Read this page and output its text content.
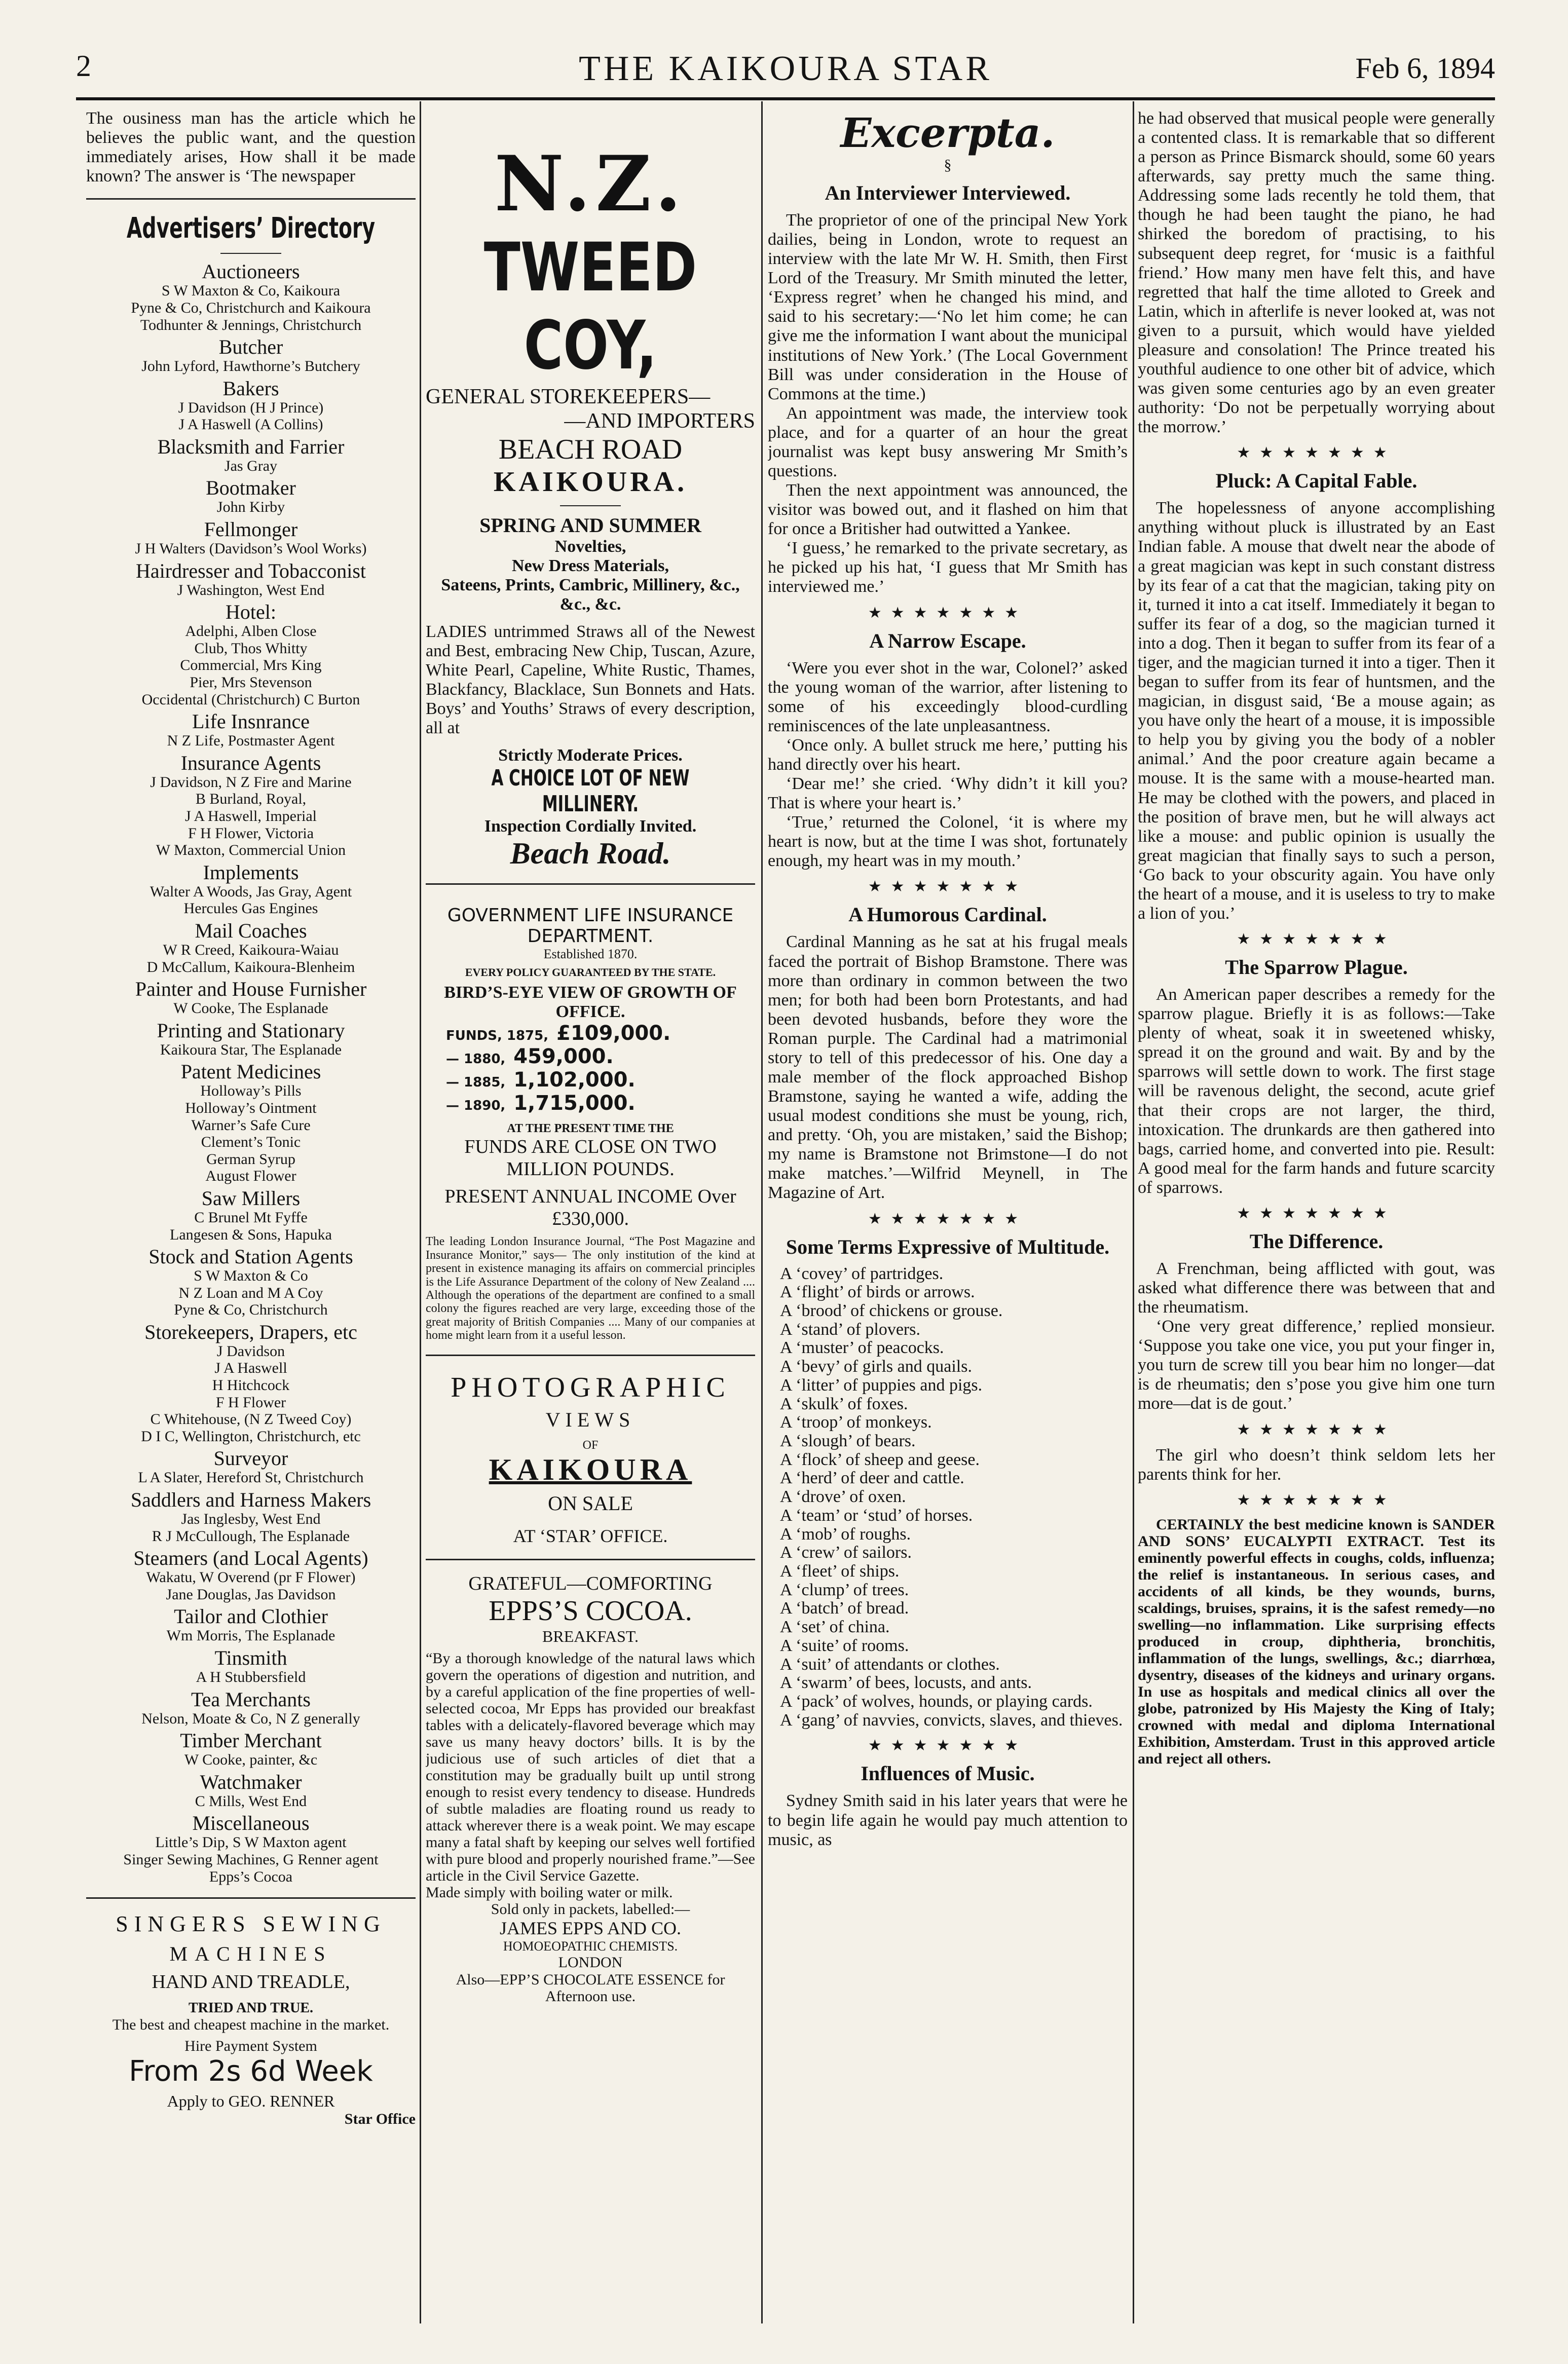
2	THE KAIKOURA STAR	Feb 6, 1894

The ousiness man has the article which he believes the public want, and the question immediately arises, How shall it be made known? The answer is ‘The newspaper

Advertisers’ Directory
Auctioneers
S W Maxton & Co, Kaikoura
Pyne & Co, Christchurch and Kaikoura
Todhunter & Jennings, Christchurch
Butcher
John Lyford, Hawthorne’s Butchery
Bakers
J Davidson (H J Prince)
J A Haswell (A Collins)
Blacksmith and Farrier
Jas Gray
Bootmaker
John Kirby
Fellmonger
J H Walters (Davidson’s Wool Works)
Hairdresser and Tobacconist
J Washington, West End
Hotel:
Adelphi, Alben Close
Club, Thos Whitty
Commercial, Mrs King
Pier, Mrs Stevenson
Occidental (Christchurch) C Burton
Life Insnrance
N Z Life, Postmaster Agent
Insurance Agents
J Davidson, N Z Fire and Marine
B Burland, Royal,
J A Haswell, Imperial
F H Flower, Victoria
W Maxton, Commercial Union
Implements
Walter A Woods, Jas Gray, Agent
Hercules Gas Engines
Mail Coaches
W R Creed, Kaikoura-Waiau
D McCallum, Kaikoura-Blenheim
Painter and House Furnisher
W Cooke, The Esplanade
Printing and Stationary
Kaikoura Star, The Esplanade
Patent Medicines
Holloway’s Pills
Holloway’s Ointment
Warner’s Safe Cure
Clement’s Tonic
German Syrup
August Flower
Saw Millers
C Brunel Mt Fyffe
Langesen & Sons, Hapuka
Stock and Station Agents
S W Maxton & Co
N Z Loan and M A Coy
Pyne & Co, Christchurch
Storekeepers, Drapers, etc
J Davidson
J A Haswell
H Hitchcock
F H Flower
C Whitehouse, (N Z Tweed Coy)
D I C, Wellington, Christchurch, etc
Surveyor
L A Slater, Hereford St, Christchurch
Saddlers and Harness Makers
Jas Inglesby, West End
R J McCullough, The Esplanade
Steamers (and Local Agents)
Wakatu, W Overend (pr F Flower)
Jane Douglas, Jas Davidson
Tailor and Clothier
Wm Morris, The Esplanade
Tinsmith
A H Stubbersfield
Tea Merchants
Nelson, Moate & Co, N Z generally
Timber Merchant
W Cooke, painter, &c
Watchmaker
C Mills, West End
Miscellaneous
Little’s Dip, S W Maxton agent
Singer Sewing Machines, G Renner agent
Epps’s Cocoa
SINGERS SEWING
MACHINES
HAND AND TREADLE,
TRIED AND TRUE.
The best and cheapest machine in the market.
Hire Payment System
From 2s 6d Week
Apply to GEO. RENNER
Star Office
N.Z.
TWEED COY,
GENERAL STOREKEEPERS—
—AND IMPORTERS
BEACH ROAD
KAIKOURA.
SPRING AND SUMMER
Novelties,
New Dress Materials,
Sateens, Prints, Cambric, Millinery, &c., &c., &c.

LADIES untrimmed Straws all of the Newest and Best, embracing New Chip, Tuscan, Azure, White Pearl, Capeline, White Rustic, Thames, Blackfancy, Blacklace, Sun Bonnets and Hats. Boys’ and Youths’ Straws of every description, all at

Strictly Moderate Prices.
A CHOICE LOT OF NEW MILLINERY.
Inspection Cordially Invited.
Beach Road.
GOVERNMENT LIFE INSURANCE DEPARTMENT.
Established 1870.
EVERY POLICY GUARANTEED BY THE STATE.
BIRD’S-EYE VIEW OF GROWTH OF OFFICE.
FUNDS, 1875, £109,000.
— 1880, 459,000.
— 1885, 1,102,000.
— 1890, 1,715,000.
AT THE PRESENT TIME THE
FUNDS ARE CLOSE ON TWO MILLION POUNDS.
PRESENT ANNUAL INCOME Over £330,000.

The leading London Insurance Journal, “The Post Magazine and Insurance Monitor,” says— The only institution of the kind at present in existence managing its affairs on commercial principles is the Life Assurance Department of the colony of New Zealand .... Although the operations of the department are confined to a small colony the figures reached are very large, exceeding those of the great majority of British Companies .... Many of our companies at home might learn from it a useful lesson.

PHOTOGRAPHIC
VIEWS
OF
KAIKOURA
ON SALE
AT ‘STAR’ OFFICE.
GRATEFUL—COMFORTING
EPPS’S COCOA.
BREAKFAST.

“By a thorough knowledge of the natural laws which govern the operations of digestion and nutrition, and by a careful application of the fine properties of well-selected cocoa, Mr Epps has provided our breakfast tables with a delicately-flavored beverage which may save us many heavy doctors’ bills. It is by the judicious use of such articles of diet that a constitution may be gradually built up until strong enough to resist every tendency to disease. Hundreds of subtle maladies are floating round us ready to attack wherever there is a weak point. We may escape many a fatal shaft by keeping our selves well fortified with pure blood and properly nourished frame.”—See article in the Civil Service Gazette.

Made simply with boiling water or milk.

Sold only in packets, labelled:—
JAMES EPPS AND CO.
HOMOEOPATHIC CHEMISTS.
LONDON
Also—EPP’S CHOCOLATE ESSENCE for Afternoon use.
Excerpta.
§
An Interviewer Interviewed.

The proprietor of one of the principal New York dailies, being in London, wrote to request an interview with the late Mr W. H. Smith, then First Lord of the Treasury. Mr Smith minuted the letter, ‘Express regret’ when he changed his mind, and said to his secretary:—‘No let him come; he can give me the information I want about the municipal institutions of New York.’ (The Local Government Bill was under consideration in the House of Commons at the time.)

An appointment was made, the interview took place, and for a quarter of an hour the great journalist was kept busy answering Mr Smith’s questions.

Then the next appointment was announced, the visitor was bowed out, and it flashed on him that for once a Britisher had outwitted a Yankee.

‘I guess,’ he remarked to the private secretary, as he picked up his hat, ‘I guess that Mr Smith has interviewed me.’

★★★★★★★
A Narrow Escape.

‘Were you ever shot in the war, Colonel?’ asked the young woman of the warrior, after listening to some of his exceedingly blood-curdling reminiscences of the late unpleasantness.

‘Once only. A bullet struck me here,’ putting his hand directly over his heart.

‘Dear me!’ she cried. ‘Why didn’t it kill you? That is where your heart is.’

‘True,’ returned the Colonel, ‘it is where my heart is now, but at the time I was shot, fortunately enough, my heart was in my mouth.’

★★★★★★★
A Humorous Cardinal.

Cardinal Manning as he sat at his frugal meals faced the portrait of Bishop Bramstone. There was more than ordinary in common between the two men; for both had been born Protestants, and had been devoted husbands, before they wore the Roman purple. The Cardinal had a matrimonial story to tell of this predecessor of his. One day a male member of the flock approached Bishop Bramstone, saying he wanted a wife, adding the usual modest conditions she must be young, rich, and pretty. ‘Oh, you are mistaken,’ said the Bishop; my name is Bramstone not Brimstone—I do not make matches.’—Wilfrid Meynell, in The Magazine of Art.

★★★★★★★
Some Terms Expressive of Multitude.
A ‘covey’ of partridges.
A ‘flight’ of birds or arrows.
A ‘brood’ of chickens or grouse.
A ‘stand’ of plovers.
A ‘muster’ of peacocks.
A ‘bevy’ of girls and quails.
A ‘litter’ of puppies and pigs.
A ‘skulk’ of foxes.
A ‘troop’ of monkeys.
A ‘slough’ of bears.
A ‘flock’ of sheep and geese.
A ‘herd’ of deer and cattle.
A ‘drove’ of oxen.
A ‘team’ or ‘stud’ of horses.
A ‘mob’ of roughs.
A ‘crew’ of sailors.
A ‘fleet’ of ships.
A ‘clump’ of trees.
A ‘batch’ of bread.
A ‘set’ of china.
A ‘suite’ of rooms.
A ‘suit’ of attendants or clothes.
A ‘swarm’ of bees, locusts, and ants.
A ‘pack’ of wolves, hounds, or playing cards.
A ‘gang’ of navvies, convicts, slaves, and thieves.
★★★★★★★
Influences of Music.

Sydney Smith said in his later years that were he to begin life again he would pay much attention to music, as

he had observed that musical people were generally a contented class. It is remarkable that so different a person as Prince Bismarck should, some 60 years afterwards, say pretty much the same thing. Addressing some lads recently he told them, that though he had been taught the piano, he had shirked the boredom of practising, to his subsequent deep regret, for ‘music is a faithful friend.’ How many men have felt this, and have regretted that half the time alloted to Greek and Latin, which in afterlife is never looked at, was not given to a pursuit, which would have yielded pleasure and consolation! The Prince treated his youthful audience to one other bit of advice, which was given some centuries ago by an even greater authority: ‘Do not be perpetually worrying about the morrow.’

★★★★★★★
Pluck: A Capital Fable.

The hopelessness of anyone accomplishing anything without pluck is illustrated by an East Indian fable. A mouse that dwelt near the abode of a great magician was kept in such constant distress by its fear of a cat that the magician, taking pity on it, turned it into a cat itself. Immediately it began to suffer its fear of a dog, so the magician turned it into a dog. Then it began to suffer from its fear of a tiger, and the magician turned it into a tiger. Then it began to suffer from its fear of huntsmen, and the magician, in disgust said, ‘Be a mouse again; as you have only the heart of a mouse, it is impossible to help you by giving you the body of a nobler animal.’ And the poor creature again became a mouse. It is the same with a mouse-hearted man. He may be clothed with the powers, and placed in the position of brave men, but he will always act like a mouse: and public opinion is usually the great magician that finally says to such a person, ‘Go back to your obscurity again. You have only the heart of a mouse, and it is useless to try to make a lion of you.’

★★★★★★★
The Sparrow Plague.

An American paper describes a remedy for the sparrow plague. Briefly it is as follows:—Take plenty of wheat, soak it in sweetened whisky, spread it on the ground and wait. By and by the sparrows will settle down to work. The first stage will be ravenous delight, the second, acute grief that their crops are not larger, the third, intoxication. The drunkards are then gathered into bags, carried home, and converted into pie. Result: A good meal for the farm hands and future scarcity of sparrows.

★★★★★★★
The Difference.

A Frenchman, being afflicted with gout, was asked what difference there was between that and the rheumatism.

‘One very great difference,’ replied monsieur. ‘Suppose you take one vice, you put your finger in, you turn de screw till you bear him no longer—dat is de rheumatis; den s’pose you give him one turn more—dat is de gout.’

★★★★★★★

The girl who doesn’t think seldom lets her parents think for her.

★★★★★★★

CERTAINLY the best medicine known is SANDER AND SONS’ EUCALYPTI EXTRACT. Test its eminently powerful effects in coughs, colds, influenza; the relief is instantaneous. In serious cases, and accidents of all kinds, be they wounds, burns, scaldings, bruises, sprains, it is the safest remedy—no swelling—no inflammation. Like surprising effects produced in croup, diphtheria, bronchitis, inflammation of the lungs, swellings, &c.; diarrhœa, dysentry, diseases of the kidneys and urinary organs. In use as hospitals and medical clinics all over the globe, patronized by His Majesty the King of Italy; crowned with medal and diploma International Exhibition, Amsterdam. Trust in this approved article and reject all others.
